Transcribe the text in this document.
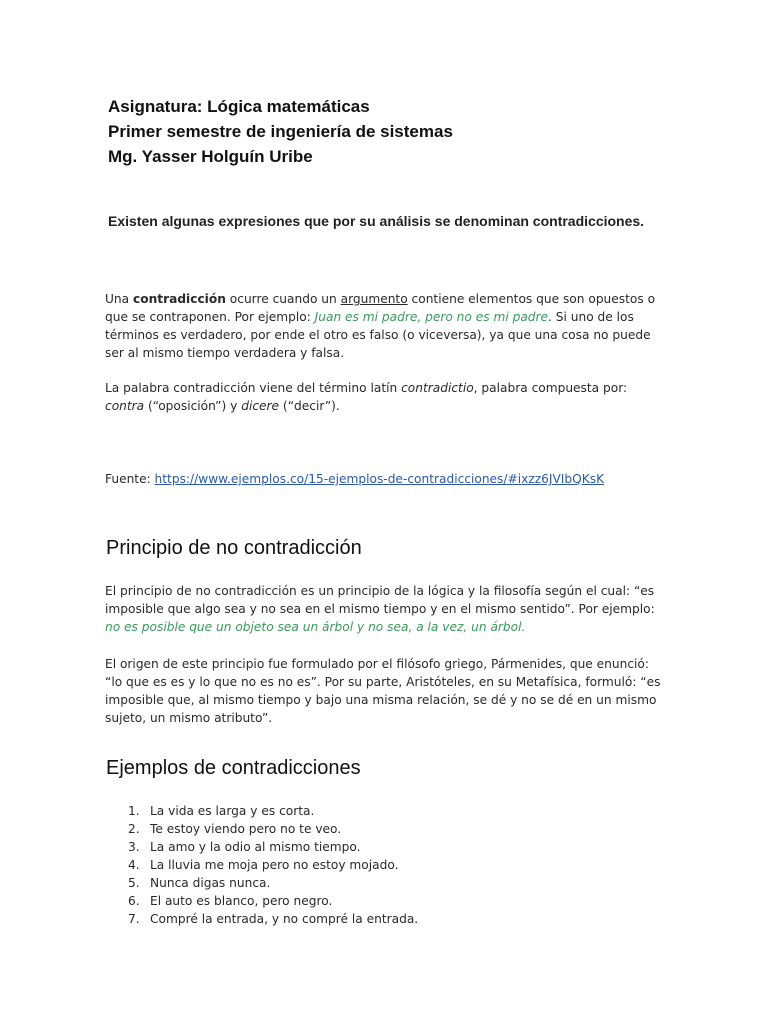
Asignatura: Lógica matemáticas
Primer semestre de ingeniería de sistemas
Mg. Yasser Holguín Uribe
Existen algunas expresiones que por su análisis se denominan contradicciones.
Una contradicción ocurre cuando un argumento contiene elementos que son opuestos o que se contraponen. Por ejemplo: Juan es mi padre, pero no es mi padre. Si uno de los términos es verdadero, por ende el otro es falso (o viceversa), ya que una cosa no puede ser al mismo tiempo verdadera y falsa.
La palabra contradicción viene del término latín contradictio, palabra compuesta por: contra (“oposición”) y dicere (“decir”).
Fuente: https://www.ejemplos.co/15-ejemplos-de-contradicciones/#ixzz6JVIbQKsK
Principio de no contradicción
El principio de no contradicción es un principio de la lógica y la filosofía según el cual: “es imposible que algo sea y no sea en el mismo tiempo y en el mismo sentido”. Por ejemplo: no es posible que un objeto sea un árbol y no sea, a la vez, un árbol.
El origen de este principio fue formulado por el filósofo griego, Pármenides, que enunció: “lo que es es y lo que no es no es”. Por su parte, Aristóteles, en su Metafísica, formuló: “es imposible que, al mismo tiempo y bajo una misma relación, se dé y no se dé en un mismo sujeto, un mismo atributo”.
Ejemplos de contradicciones
1. La vida es larga y es corta.
2. Te estoy viendo pero no te veo.
3. La amo y la odio al mismo tiempo.
4. La lluvia me moja pero no estoy mojado.
5. Nunca digas nunca.
6. El auto es blanco, pero negro.
7. Compré la entrada, y no compré la entrada.
